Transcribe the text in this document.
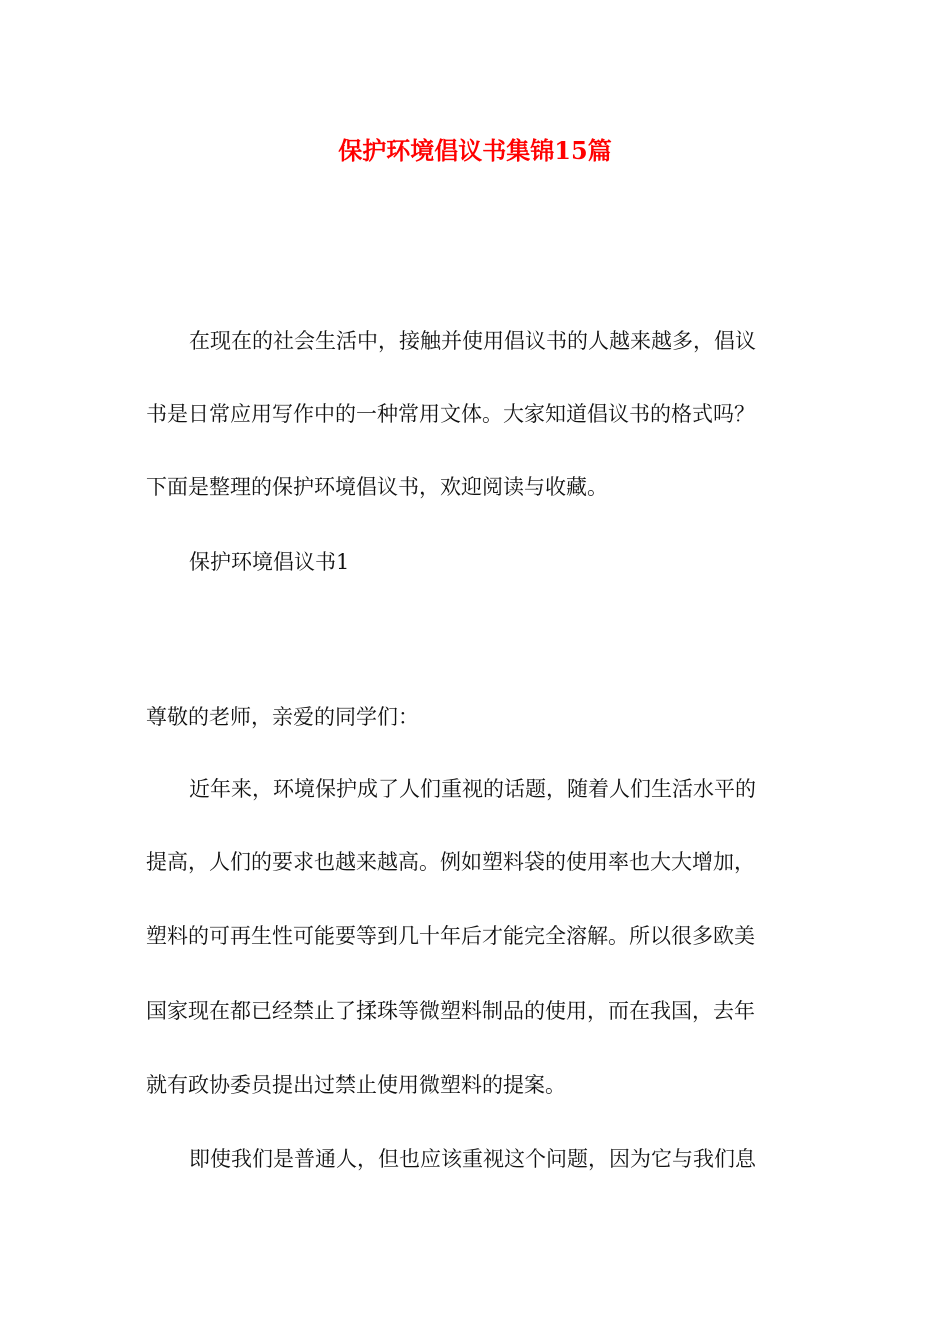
保护环境倡议书集锦15篇
在现在的社会生活中，接触并使用倡议书的人越来越多，倡议
书是日常应用写作中的一种常用文体。大家知道倡议书的格式吗？
下面是整理的保护环境倡议书，欢迎阅读与收藏。
保护环境倡议书1
尊敬的老师，亲爱的同学们：
近年来，环境保护成了人们重视的话题，随着人们生活水平的
提高，人们的要求也越来越高。例如塑料袋的使用率也大大增加，
塑料的可再生性可能要等到几十年后才能完全溶解。所以很多欧美
国家现在都已经禁止了揉珠等微塑料制品的使用，而在我国，去年
就有政协委员提出过禁止使用微塑料的提案。
即使我们是普通人，但也应该重视这个问题，因为它与我们息
